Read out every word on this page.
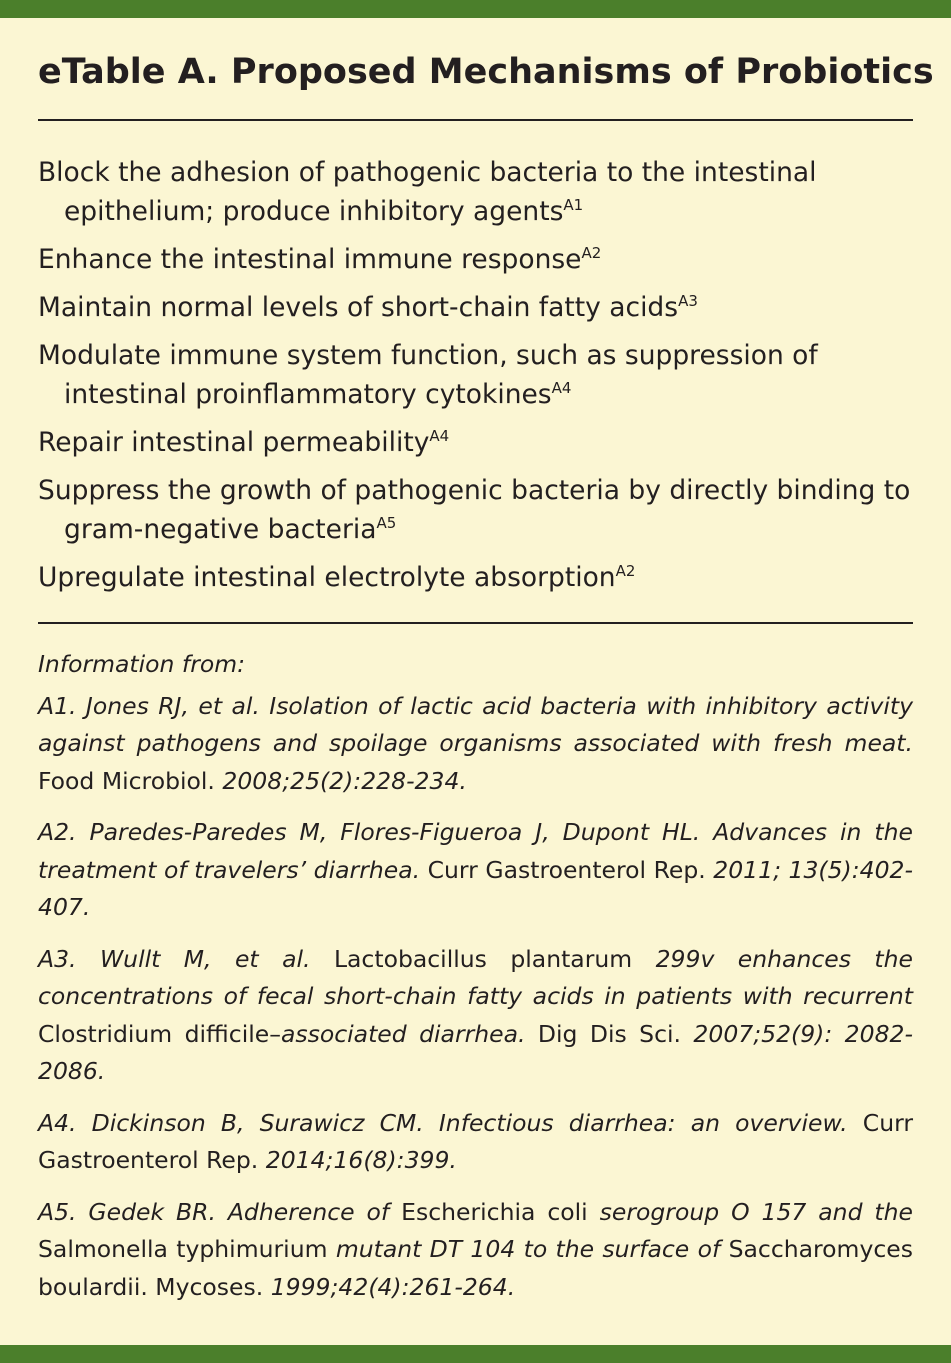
eTable A. Proposed Mechanisms of Probiotics
Block the adhesion of pathogenic bacteria to the intestinal epithelium; produce inhibitory agents$^{A1}$
Enhance the intestinal immune response$^{A2}$
Maintain normal levels of short-chain fatty acids$^{A3}$
Modulate immune system function, such as suppression of intestinal proinflammatory cytokines$^{A4}$
Repair intestinal permeability$^{A4}$
Suppress the growth of pathogenic bacteria by directly binding to gram-negative bacteria$^{A5}$
Upregulate intestinal electrolyte absorption$^{A2}$
Information from:
A1. Jones RJ, et al. Isolation of lactic acid bacteria with inhibitory activity against pathogens and spoilage organisms associated with fresh meat. Food Microbiol. 2008;25(2):228-234.
A2. Paredes-Paredes M, Flores-Figueroa J, Dupont HL. Advances in the treatment of travelers’ diarrhea. Curr Gastroenterol Rep. 2011; 13(5):402-407.
A3. Wullt M, et al. Lactobacillus plantarum 299v enhances the concentrations of fecal short-chain fatty acids in patients with recurrent Clostridium difficile–associated diarrhea. Dig Dis Sci. 2007;52(9): 2082-2086.
A4. Dickinson B, Surawicz CM. Infectious diarrhea: an overview. Curr Gastroenterol Rep. 2014;16(8):399.
A5. Gedek BR. Adherence of Escherichia coli serogroup O 157 and the Salmonella typhimurium mutant DT 104 to the surface of Saccharomyces boulardii. Mycoses. 1999;42(4):261-264.
